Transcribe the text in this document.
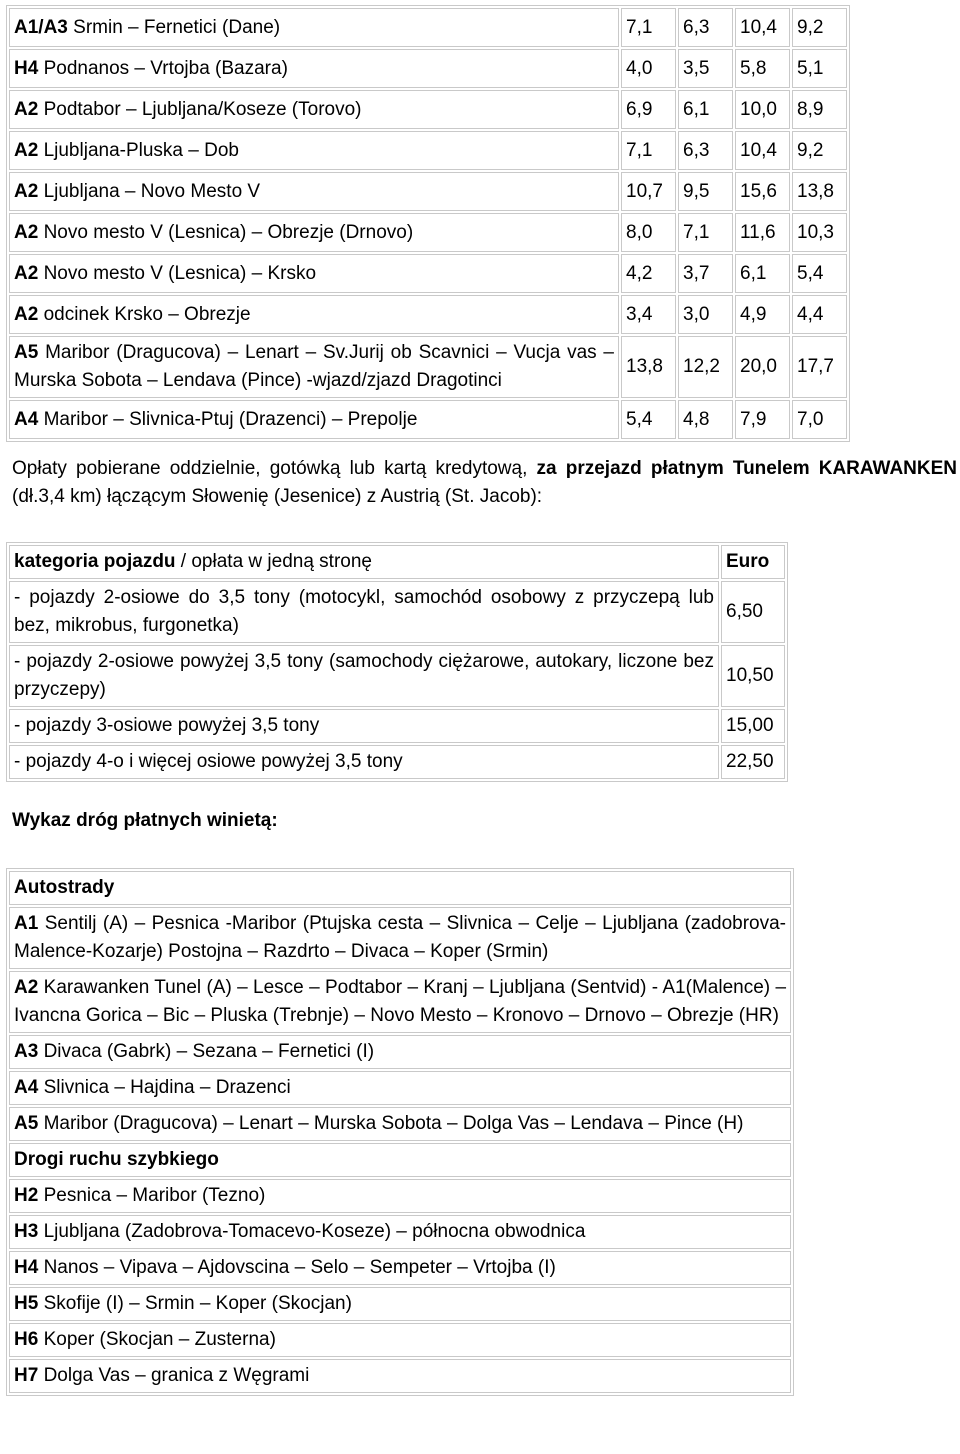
A1/A3 Srmin – Fernetici (Dane)	7,1	6,3	10,4	9,2
H4 Podnanos – Vrtojba (Bazara)	4,0	3,5	5,8	5,1
A2 Podtabor – Ljubljana/Koseze (Torovo)	6,9	6,1	10,0	8,9
A2 Ljubljana-Pluska – Dob	7,1	6,3	10,4	9,2
A2 Ljubljana – Novo Mesto V	10,7	9,5	15,6	13,8
A2 Novo mesto V (Lesnica) – Obrezje (Drnovo)	8,0	7,1	11,6	10,3
A2 Novo mesto V (Lesnica) – Krsko	4,2	3,7	6,1	5,4
A2 odcinek Krsko – Obrezje	3,4	3,0	4,9	4,4
A5 Maribor (Dragucova) – Lenart – Sv.Jurij ob Scavnici – Vucja vas – Murska Sobota – Lendava (Pince) -wjazd/zjazd Dragotinci	13,8	12,2	20,0	17,7
A4 Maribor – Slivnica-Ptuj (Drazenci) – Prepolje	5,4	4,8	7,9	7,0

Opłaty pobierane oddzielnie, gotówką lub kartą kredytową, za przejazd płatnym Tunelem KARAWANKEN (dł.3,4 km) łączącym Słowenię (Jesenice) z Austrią (St. Jacob):

kategoria pojazdu / opłata w jedną stronę	Euro
- pojazdy 2-osiowe do 3,5 tony (motocykl, samochód osobowy z przyczepą lub bez, mikrobus, furgonetka)	6,50
- pojazdy 2-osiowe powyżej 3,5 tony (samochody ciężarowe, autokary, liczone bez przyczepy)	10,50
- pojazdy 3-osiowe powyżej 3,5 tony	15,00
- pojazdy 4-o i więcej osiowe powyżej 3,5 tony	22,50
Wykaz dróg płatnych winietą:
Autostrady
A1 Sentilj (A) – Pesnica -Maribor (Ptujska cesta – Slivnica – Celje – Ljubljana (zadobrova-Malence-Kozarje) Postojna – Razdrto – Divaca – Koper (Srmin)
A2 Karawanken Tunel (A) – Lesce – Podtabor – Kranj – Ljubljana (Sentvid) - A1(Malence) – Ivancna Gorica – Bic – Pluska (Trebnje) – Novo Mesto – Kronovo – Drnovo – Obrezje (HR)
A3 Divaca (Gabrk) – Sezana – Fernetici (I)
A4 Slivnica – Hajdina – Drazenci
A5 Maribor (Dragucova) – Lenart – Murska Sobota – Dolga Vas – Lendava – Pince (H)
Drogi ruchu szybkiego
H2 Pesnica – Maribor (Tezno)
H3 Ljubljana (Zadobrova-Tomacevo-Koseze) – północna obwodnica
H4 Nanos – Vipava – Ajdovscina – Selo – Sempeter – Vrtojba (I)
H5 Skofije (I) – Srmin – Koper (Skocjan)
H6 Koper (Skocjan – Zusterna)
H7 Dolga Vas – granica z Węgrami
